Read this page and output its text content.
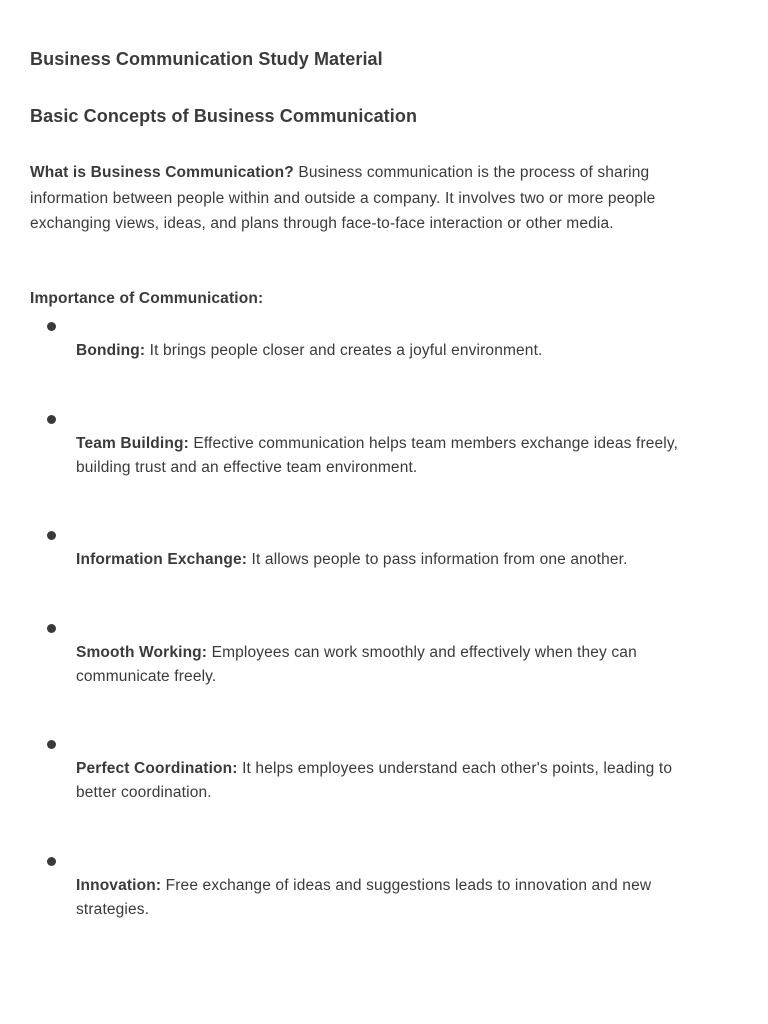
Business Communication Study Material
Basic Concepts of Business Communication

What is Business Communication? Business communication is the process of sharing information between people within and outside a company. It involves two or more people exchanging views, ideas, and plans through face-to-face interaction or other media.

Importance of Communication:

Bonding: It brings people closer and creates a joyful environment.

Team Building: Effective communication helps team members exchange ideas freely, building trust and an effective team environment.

Information Exchange: It allows people to pass information from one another.

Smooth Working: Employees can work smoothly and effectively when they can communicate freely.

Perfect Coordination: It helps employees understand each other's points, leading to better coordination.

Innovation: Free exchange of ideas and suggestions leads to innovation and new strategies.
